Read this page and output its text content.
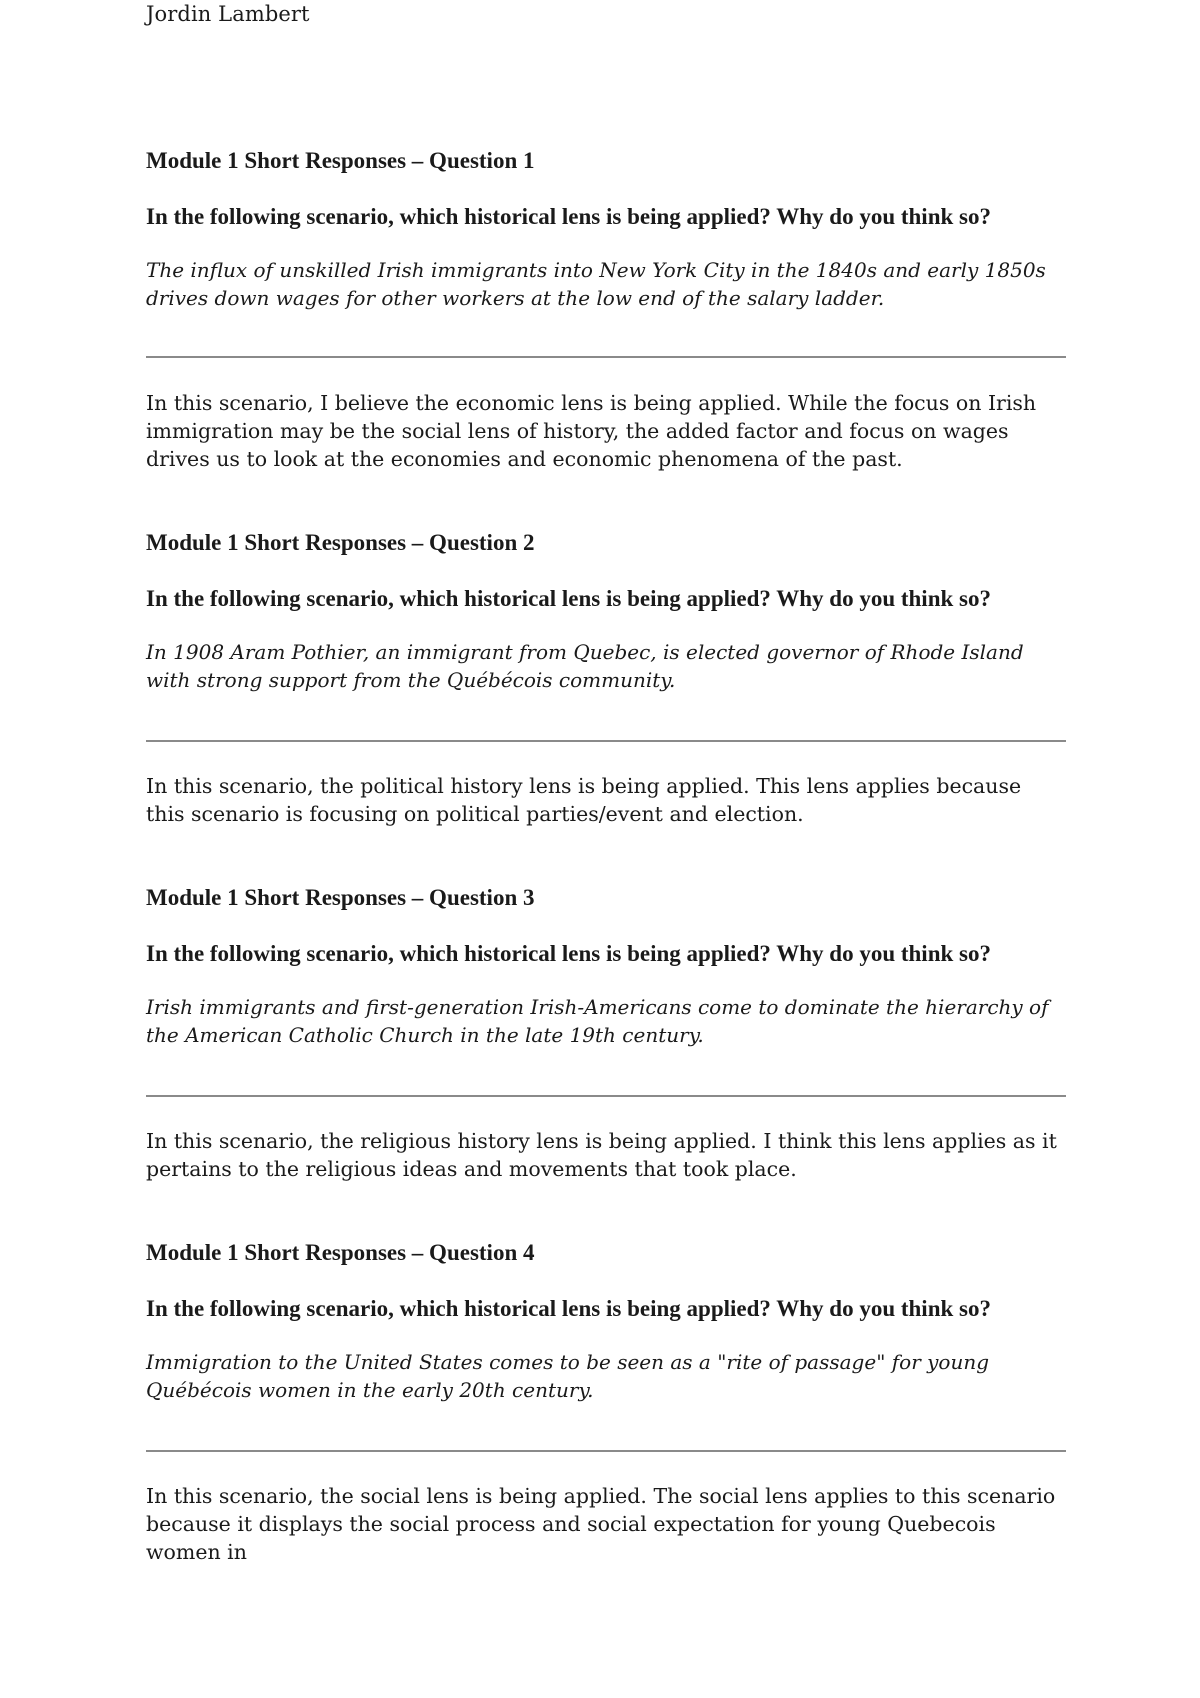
Jordin Lambert

Module 1 Short Responses – Question 1

In the following scenario, which historical lens is being applied? Why do you think so?

The influx of unskilled Irish immigrants into New York City in the 1840s and early 1850s drives down wages for other workers at the low end of the salary ladder.

In this scenario, I believe the economic lens is being applied. While the focus on Irish immigration may be the social lens of history, the added factor and focus on wages drives us to look at the economies and economic phenomena of the past.

Module 1 Short Responses – Question 2

In the following scenario, which historical lens is being applied? Why do you think so?

In 1908 Aram Pothier, an immigrant from Quebec, is elected governor of Rhode Island with strong support from the Québécois community.

In this scenario, the political history lens is being applied. This lens applies because this scenario is focusing on political parties/event and election.

Module 1 Short Responses – Question 3

In the following scenario, which historical lens is being applied? Why do you think so?

Irish immigrants and first-generation Irish-Americans come to dominate the hierarchy of the American Catholic Church in the late 19th century.

In this scenario, the religious history lens is being applied. I think this lens applies as it pertains to the religious ideas and movements that took place.

Module 1 Short Responses – Question 4

In the following scenario, which historical lens is being applied? Why do you think so?

Immigration to the United States comes to be seen as a "rite of passage" for young Québécois women in the early 20th century.

In this scenario, the social lens is being applied. The social lens applies to this scenario because it displays the social process and social expectation for young Quebecois women in
